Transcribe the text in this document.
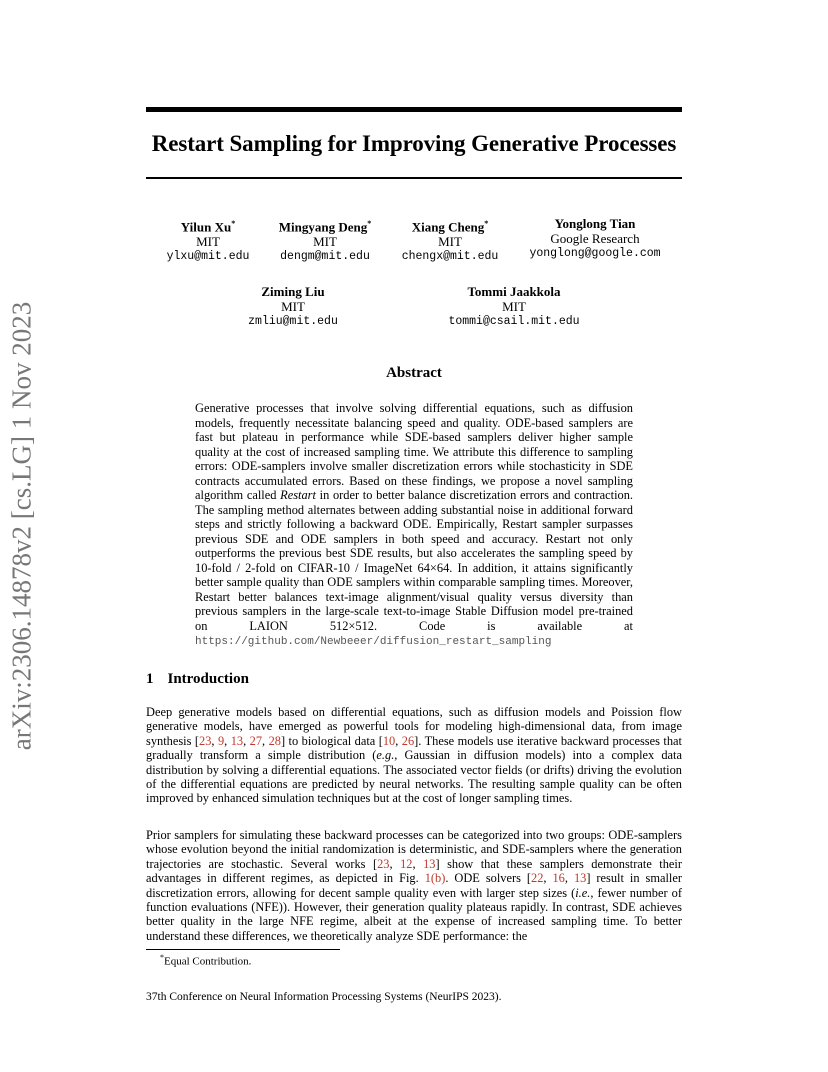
arXiv:2306.14878v2 [cs.LG] 1 Nov 2023
Restart Sampling for Improving Generative Processes
Yilun Xu*
MIT
ylxu@mit.edu
Mingyang Deng*
MIT
dengm@mit.edu
Xiang Cheng*
MIT
chengx@mit.edu
Yonglong Tian
Google Research
yonglong@google.com
Ziming Liu
MIT
zmliu@mit.edu
Tommi Jaakkola
MIT
tommi@csail.mit.edu
Abstract
Generative processes that involve solving differential equations, such as diffusion models, frequently necessitate balancing speed and quality. ODE-based samplers are fast but plateau in performance while SDE-based samplers deliver higher sample quality at the cost of increased sampling time. We attribute this difference to sampling errors: ODE-samplers involve smaller discretization errors while stochasticity in SDE contracts accumulated errors. Based on these findings, we propose a novel sampling algorithm called Restart in order to better balance discretization errors and contraction. The sampling method alternates between adding substantial noise in additional forward steps and strictly following a backward ODE. Empirically, Restart sampler surpasses previous SDE and ODE samplers in both speed and accuracy. Restart not only outperforms the previous best SDE results, but also accelerates the sampling speed by 10-fold / 2-fold on CIFAR-10 / ImageNet 64×64. In addition, it attains significantly better sample quality than ODE samplers within comparable sampling times. Moreover, Restart better balances text-image alignment/visual quality versus diversity than previous samplers in the large-scale text-to-image Stable Diffusion model pre-trained on LAION 512×512. Code is available at https://github.com/Newbeeer/diffusion_restart_sampling
1 Introduction
Deep generative models based on differential equations, such as diffusion models and Poission flow generative models, have emerged as powerful tools for modeling high-dimensional data, from image synthesis [23, 9, 13, 27, 28] to biological data [10, 26]. These models use iterative backward processes that gradually transform a simple distribution (e.g., Gaussian in diffusion models) into a complex data distribution by solving a differential equations. The associated vector fields (or drifts) driving the evolution of the differential equations are predicted by neural networks. The resulting sample quality can be often improved by enhanced simulation techniques but at the cost of longer sampling times.
Prior samplers for simulating these backward processes can be categorized into two groups: ODE-samplers whose evolution beyond the initial randomization is deterministic, and SDE-samplers where the generation trajectories are stochastic. Several works [23, 12, 13] show that these samplers demonstrate their advantages in different regimes, as depicted in Fig. 1(b). ODE solvers [22, 16, 13] result in smaller discretization errors, allowing for decent sample quality even with larger step sizes (i.e., fewer number of function evaluations (NFE)). However, their generation quality plateaus rapidly. In contrast, SDE achieves better quality in the large NFE regime, albeit at the expense of increased sampling time. To better understand these differences, we theoretically analyze SDE performance: the
*Equal Contribution.
37th Conference on Neural Information Processing Systems (NeurIPS 2023).
